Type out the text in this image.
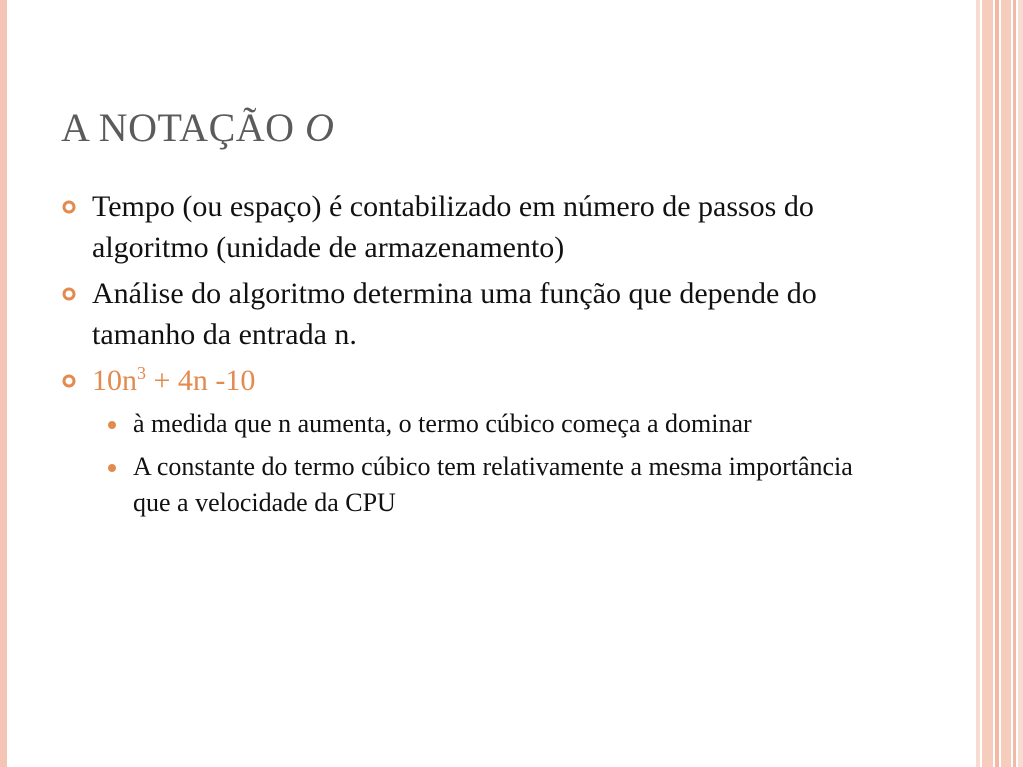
A NOTAÇÃO O
Tempo (ou espaço) é contabilizado em número de passos do algoritmo (unidade de armazenamento)
Análise do algoritmo determina uma função que depende do tamanho da entrada n.
$10n^3 + 4n$ -10
à medida que n aumenta, o termo cúbico começa a dominar
A constante do termo cúbico tem relativamente a mesma importância que a velocidade da CPU
